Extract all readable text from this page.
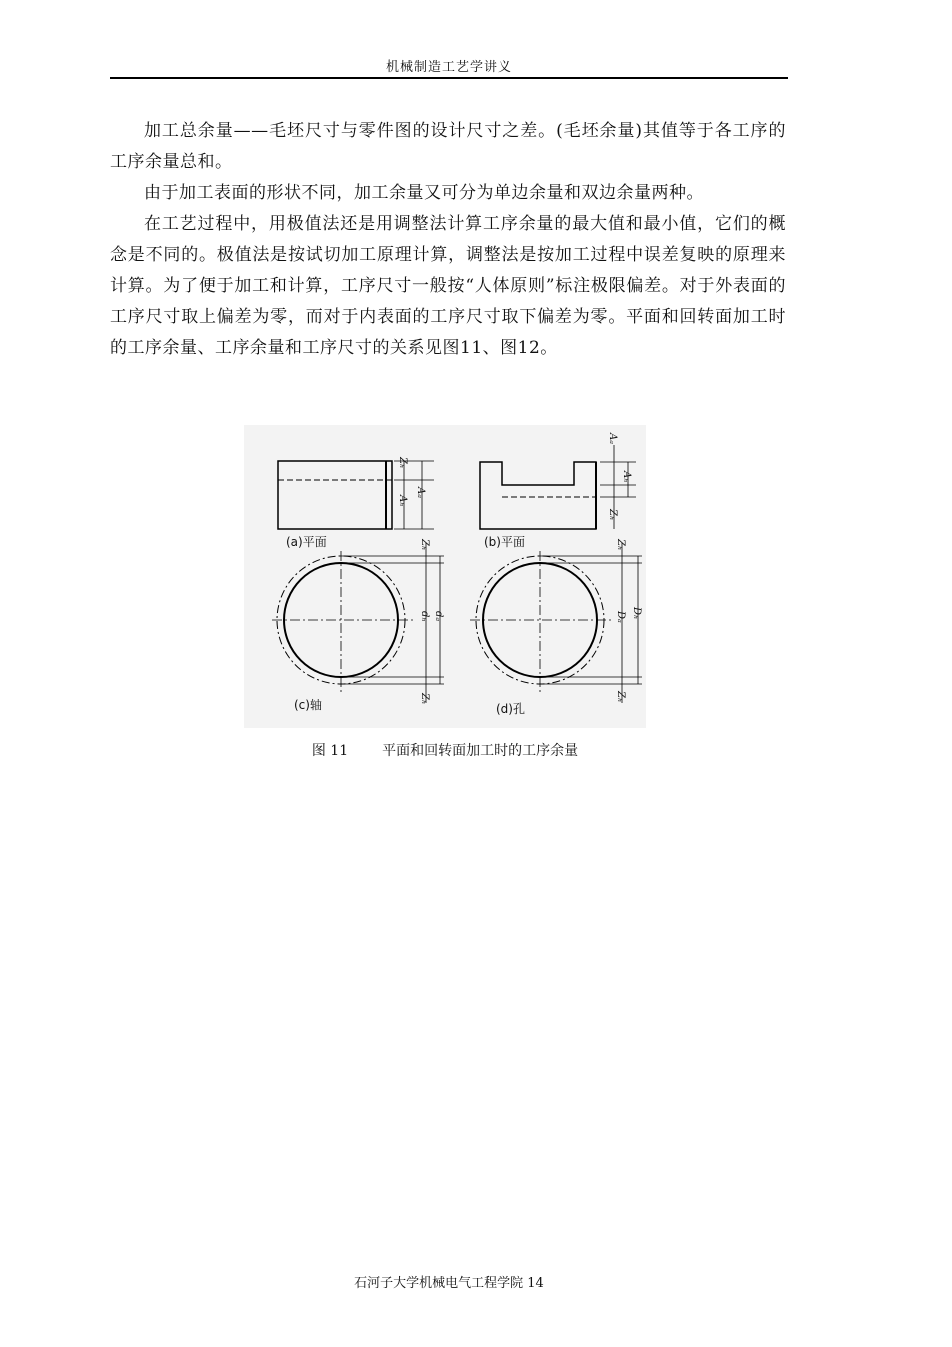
机械制造工艺学讲义

加工总余量——毛坯尺寸与零件图的设计尺寸之差。(毛坯余量)其值等于各工序的工序余量总和。

由于加工表面的形状不同，加工余量又可分为单边余量和双边余量两种。

在工艺过程中，用极值法还是用调整法计算工序余量的最大值和最小值，它们的概念是不同的。极值法是按试切加工原理计算，调整法是按加工过程中误差复映的原理来计算。为了便于加工和计算，工序尺寸一般按“人体原则”标注极限偏差。对于外表面的工序尺寸取上偏差为零，而对于内表面的工序尺寸取下偏差为零。平面和回转面加工时的工序余量、工序余量和工序尺寸的关系见图11、图12。

(a)平面	(b)平面
(c)轴	(d)孔
Zₕ
Aₕ
Aₐ
Aₐ
Aₕ
Zₕ
Zₕ
dₕ dₐ
Zₕ
Zₕ
Dₐ Dₕ
Zₕ
图 11 平面和回转面加工时的工序余量
石河子大学机械电气工程学院 14
